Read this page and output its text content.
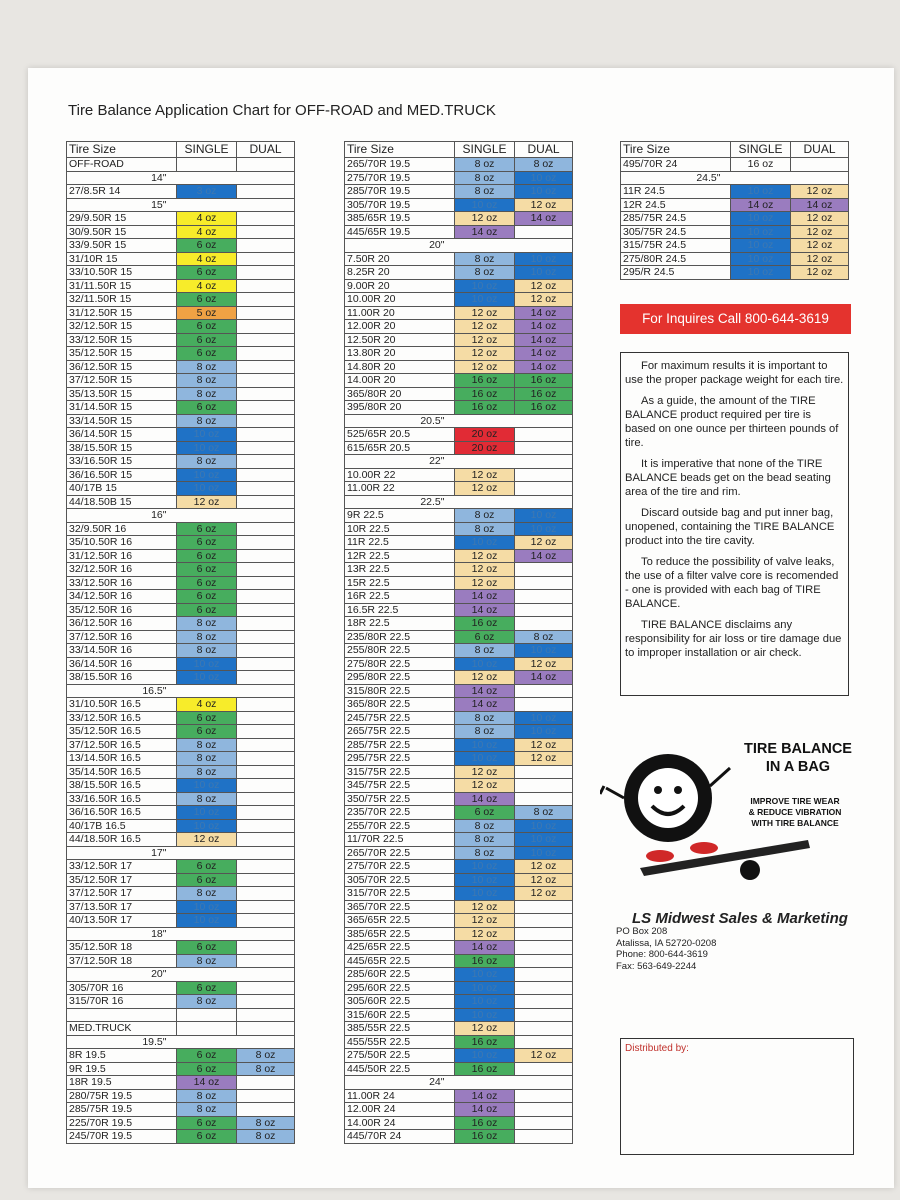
Tire Balance Application Chart for OFF-ROAD and MED.TRUCK
Tire Size	SINGLE	DUAL
OFF-ROAD		
14"		
27/8.5R 14	3 oz	
15"		
29/9.50R 15	4 oz	
30/9.50R 15	4 oz	
33/9.50R 15	6 oz	
31/10R 15	4 oz	
33/10.50R 15	6 oz	
31/11.50R 15	4 oz	
32/11.50R 15	6 oz	
31/12.50R 15	5 oz	
32/12.50R 15	6 oz	
33/12.50R 15	6 oz	
35/12.50R 15	6 oz	
36/12.50R 15	8 oz	
37/12.50R 15	8 oz	
35/13.50R 15	8 oz	
31/14.50R 15	6 oz	
33/14.50R 15	8 oz	
36/14.50R 15	10 oz	
38/15.50R 15	10 oz	
33/16.50R 15	8 oz	
36/16.50R 15	10 oz	
40/17B 15	10 oz	
44/18.50B 15	12 oz	
16"		
32/9.50R 16	6 oz	
35/10.50R 16	6 oz	
31/12.50R 16	6 oz	
32/12.50R 16	6 oz	
33/12.50R 16	6 oz	
34/12.50R 16	6 oz	
35/12.50R 16	6 oz	
36/12.50R 16	8 oz	
37/12.50R 16	8 oz	
33/14.50R 16	8 oz	
36/14.50R 16	10 oz	
38/15.50R 16	10 oz	
16.5"		
31/10.50R 16.5	4 oz	
33/12.50R 16.5	6 oz	
35/12.50R 16.5	6 oz	
37/12.50R 16.5	8 oz	
13/14.50R 16.5	8 oz	
35/14.50R 16.5	8 oz	
38/15.50R 16.5	10 oz	
33/16.50R 16.5	8 oz	
36/16.50R 16.5	10 oz	
40/17B 16.5	10 oz	
44/18.50R 16.5	12 oz	
17"		
33/12.50R 17	6 oz	
35/12.50R 17	6 oz	
37/12.50R 17	8 oz	
37/13.50R 17	10 oz	
40/13.50R 17	10 oz	
18"		
35/12.50R 18	6 oz	
37/12.50R 18	8 oz	
20"		
305/70R 16	6 oz	
315/70R 16	8 oz	

MED.TRUCK		
19.5"		
8R 19.5	6 oz	8 oz
9R 19.5	6 oz	8 oz
18R 19.5	14 oz	
280/75R 19.5	8 oz	
285/75R 19.5	8 oz	
225/70R 19.5	6 oz	8 oz
245/70R 19.5	6 oz	8 oz
Tire Size	SINGLE	DUAL
265/70R 19.5	8 oz	8 oz
275/70R 19.5	8 oz	10 oz
285/70R 19.5	8 oz	10 oz
305/70R 19.5	10 oz	12 oz
385/65R 19.5	12 oz	14 oz
445/65R 19.5	14 oz	
20"		
7.50R 20	8 oz	10 oz
8.25R 20	8 oz	10 oz
9.00R 20	10 oz	12 oz
10.00R 20	10 oz	12 oz
11.00R 20	12 oz	14 oz
12.00R 20	12 oz	14 oz
12.50R 20	12 oz	14 oz
13.80R 20	12 oz	14 oz
14.80R 20	12 oz	14 oz
14.00R 20	16 oz	16 oz
365/80R 20	16 oz	16 oz
395/80R 20	16 oz	16 oz
20.5"		
525/65R 20.5	20 oz	
615/65R 20.5	20 oz	
22"		
10.00R 22	12 oz	
11.00R 22	12 oz	
22.5"		
9R 22.5	8 oz	10 oz
10R 22.5	8 oz	10 oz
11R 22.5	10 oz	12 oz
12R 22.5	12 oz	14 oz
13R 22.5	12 oz	
15R 22.5	12 oz	
16R 22.5	14 oz	
16.5R 22.5	14 oz	
18R 22.5	16 oz	
235/80R 22.5	6 oz	8 oz
255/80R 22.5	8 oz	10 oz
275/80R 22.5	10 oz	12 oz
295/80R 22.5	12 oz	14 oz
315/80R 22.5	14 oz	
365/80R 22.5	14 oz	
245/75R 22.5	8 oz	10 oz
265/75R 22.5	8 oz	10 oz
285/75R 22.5	10 oz	12 oz
295/75R 22.5	10 oz	12 oz
315/75R 22.5	12 oz	
345/75R 22.5	12 oz	
350/75R 22.5	14 oz	
235/70R 22.5	6 oz	8 oz
255/70R 22.5	8 oz	10 oz
11/70R 22.5	8 oz	10 oz
265/70R 22.5	8 oz	10 oz
275/70R 22.5	10 oz	12 oz
305/70R 22.5	10 oz	12 oz
315/70R 22.5	10 oz	12 oz
365/70R 22.5	12 oz	
365/65R 22.5	12 oz	
385/65R 22.5	12 oz	
425/65R 22.5	14 oz	
445/65R 22.5	16 oz	
285/60R 22.5	10 oz	
295/60R 22.5	10 oz	
305/60R 22.5	10 oz	
315/60R 22.5	10 oz	
385/55R 22.5	12 oz	
455/55R 22.5	16 oz	
275/50R 22.5	10 oz	12 oz
445/50R 22.5	16 oz	
24"		
11.00R 24	14 oz	
12.00R 24	14 oz	
14.00R 24	16 oz	
445/70R 24	16 oz	
Tire Size	SINGLE	DUAL
495/70R 24	16 oz	
24.5"		
11R 24.5	10 oz	12 oz
12R 24.5	14 oz	14 oz
285/75R 24.5	10 oz	12 oz
305/75R 24.5	10 oz	12 oz
315/75R 24.5	10 oz	12 oz
275/80R 24.5	10 oz	12 oz
295/R 24.5	10 oz	12 oz
For Inquires Call 800-644-3619

For maximum results it is important to use the proper package weight for each tire.

As a guide, the amount of the TIRE BALANCE product required per tire is based on one ounce per thirteen pounds of tire.

It is imperative that none of the TIRE BALANCE beads get on the bead seating area of the tire and rim.

Discard outside bag and put inner bag, unopened, containing the TIRE BALANCE product into the tire cavity.

To reduce the possibility of valve leaks, the use of a filter valve core is recomended - one is provided with each bag of TIRE BALANCE.

TIRE BALANCE disclaims any responsibility for air loss or tire damage due to improper installation or air check.

TIRE BALANCE
IN A BAG
IMPROVE TIRE WEAR
& REDUCE VIBRATION
WITH TIRE BALANCE
LS Midwest Sales & Marketing
PO Box 208
Atalissa, IA 52720-0208
Phone: 800-644-3619
Fax: 563-649-2244
Distributed by:
